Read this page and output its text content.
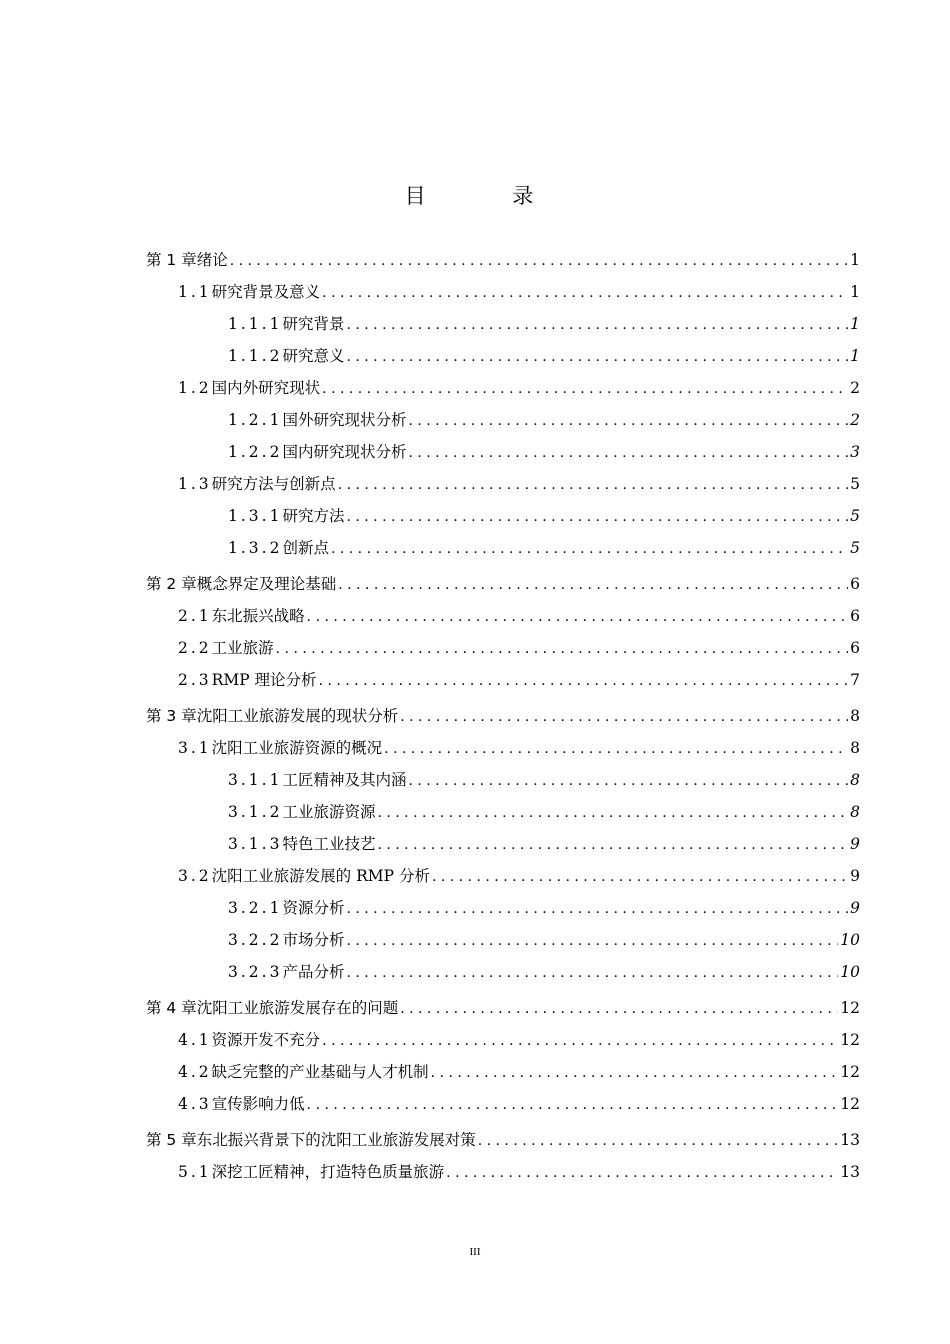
目 录
第 1 章 绪论 . . .	1
1.1 研究背景及意义 . . .	1
1.1.1 研究背景 . . .	1
1.1.2 研究意义 . . .	1
1.2 国内外研究现状 . . .	2
1.2.1 国外研究现状分析 . . .	2
1.2.2 国内研究现状分析 . . .	3
1.3 研究方法与创新点 . . .	5
1.3.1 研究方法 . . .	5
1.3.2 创新点 . . .	5
第 2 章 概念界定及理论基础 . . .	6
2.1 东北振兴战略 . . .	6
2.2 工业旅游 . . .	6
2.3 RMP 理论分析 . . .	7
第 3 章 沈阳工业旅游发展的现状分析 . . .	8
3.1 沈阳工业旅游资源的概况 . . .	8
3.1.1 工匠精神及其内涵 . . .	8
3.1.2 工业旅游资源 . . .	8
3.1.3 特色工业技艺 . . .	9
3.2 沈阳工业旅游发展的 RMP 分析 . . .	9
3.2.1 资源分析 . . .	9
3.2.2 市场分析 . . .	10
3.2.3 产品分析 . . .	10
第 4 章 沈阳工业旅游发展存在的问题 . . .	12
4.1 资源开发不充分 . . .	12
4.2 缺乏完整的产业基础与人才机制 . . .	12
4.3 宣传影响力低 . . .	12
第 5 章 东北振兴背景下的沈阳工业旅游发展对策 . . .	13
5.1 深挖工匠精神，打造特色质量旅游 . . .	13
III
